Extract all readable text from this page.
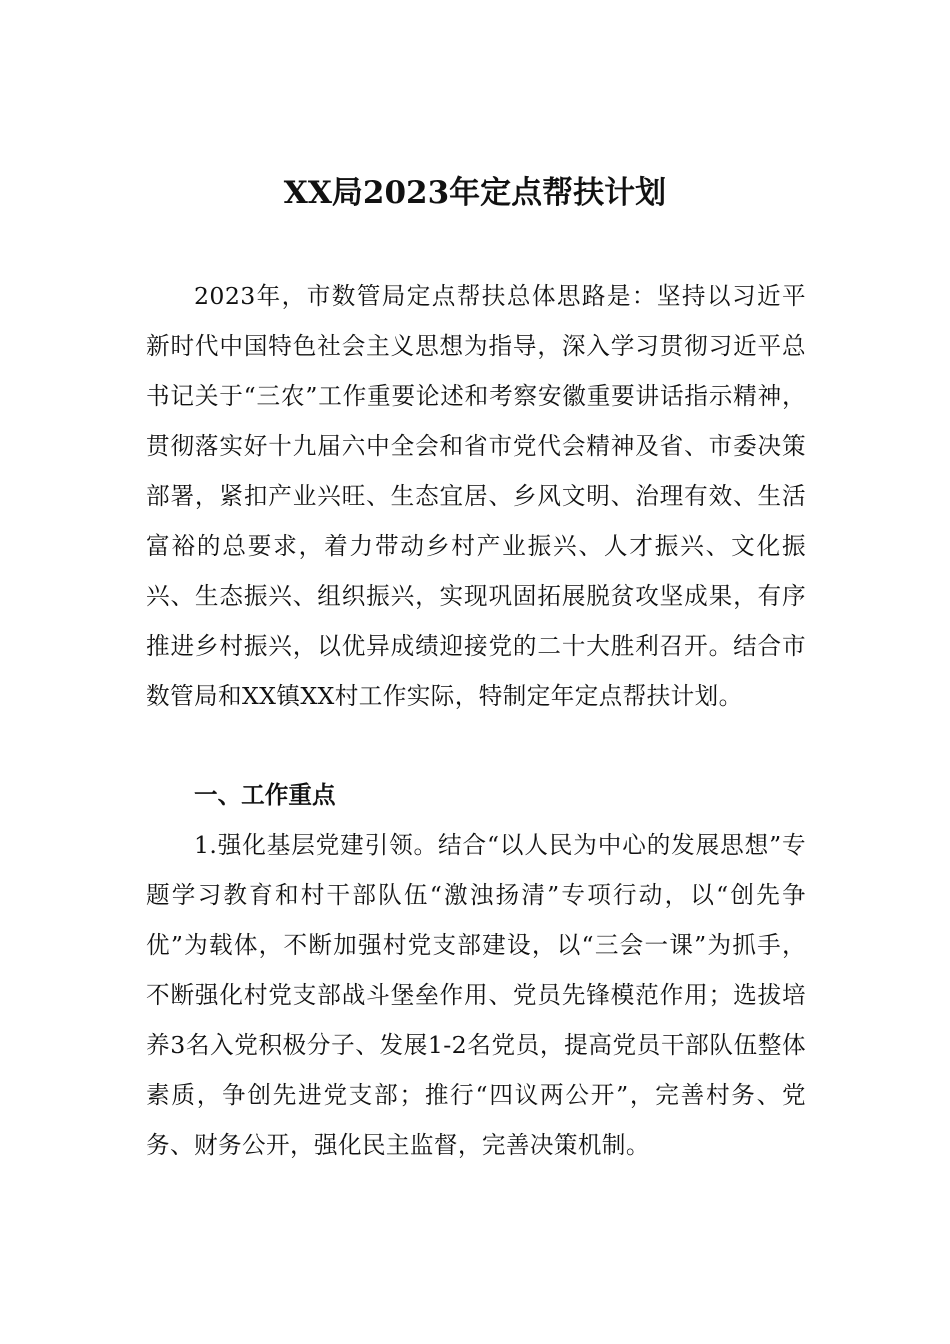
XX局2023年定点帮扶计划

2023年，市数管局定点帮扶总体思路是：坚持以习近平新时代中国特色社会主义思想为指导，深入学习贯彻习近平总书记关于“三农”工作重要论述和考察安徽重要讲话指示精神，贯彻落实好十九届六中全会和省市党代会精神及省、市委决策部署，紧扣产业兴旺、生态宜居、乡风文明、治理有效、生活富裕的总要求，着力带动乡村产业振兴、人才振兴、文化振兴、生态振兴、组织振兴，实现巩固拓展脱贫攻坚成果，有序推进乡村振兴，以优异成绩迎接党的二十大胜利召开。结合市数管局和XX镇XX村工作实际，特制定年定点帮扶计划。

一、工作重点

1.强化基层党建引领。结合“以人民为中心的发展思想”专题学习教育和村干部队伍“激浊扬清”专项行动，以“创先争优”为载体，不断加强村党支部建设，以“三会一课”为抓手，不断强化村党支部战斗堡垒作用、党员先锋模范作用；选拔培养3名入党积极分子、发展1-2名党员，提高党员干部队伍整体素质，争创先进党支部；推行“四议两公开”，完善村务、党务、财务公开，强化民主监督，完善决策机制。
